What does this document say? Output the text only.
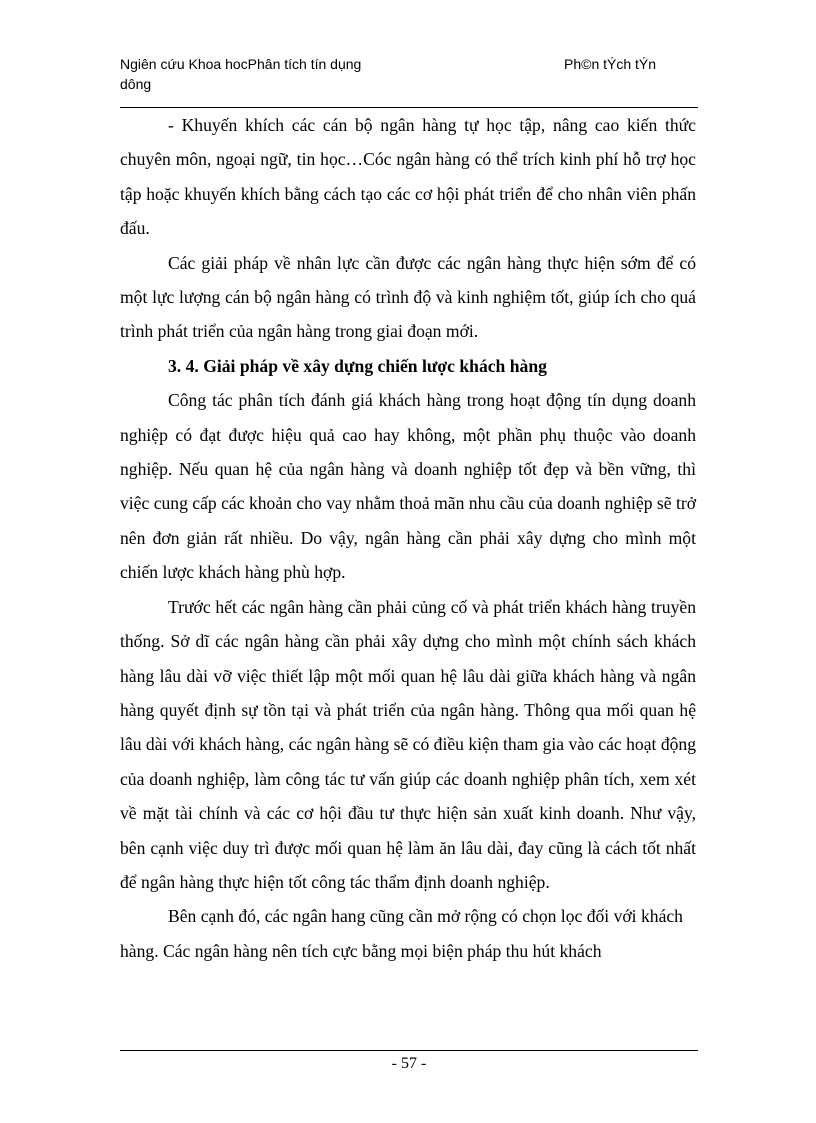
Ngiên cứu Khoa hocPhân tích tín dụng dông
Ph©n tÝch tÝn

- Khuyến khích các cán bộ ngân hàng tự học tập, nâng cao kiến thức chuyên môn, ngoại ngữ, tin học…Cóc ngân hàng có thể trích kinh phí hỗ trợ học tập hoặc khuyến khích bằng cách tạo các cơ hội phát triển để cho nhân viên phấn đấu.

Các giải pháp về nhân lực cần được các ngân hàng thực hiện sớm để có một lực lượng cán bộ ngân hàng có trình độ và kinh nghiệm tốt, giúp ích cho quá trình phát triển của ngân hàng trong giai đoạn mới.

3. 4. Giải pháp về xây dựng chiến lược khách hàng

Công tác phân tích đánh giá khách hàng trong hoạt động tín dụng doanh nghiệp có đạt được hiệu quả cao hay không, một phần phụ thuộc vào doanh nghiệp. Nếu quan hệ của ngân hàng và doanh nghiệp tốt đẹp và bền vững, thì việc cung cấp các khoản cho vay nhằm thoả mãn nhu cầu của doanh nghiệp sẽ trở nên đơn giản rất nhiều. Do vậy, ngân hàng cần phải xây dựng cho mình một chiến lược khách hàng phù hợp.

Trước hết các ngân hàng cần phải củng cố và phát triển khách hàng truyền thống. Sở dĩ các ngân hàng cần phải xây dựng cho mình một chính sách khách hàng lâu dài vỡ việc thiết lập một mối quan hệ lâu dài giữa khách hàng và ngân hàng quyết định sự tồn tại và phát triển của ngân hàng. Thông qua mối quan hệ lâu dài với khách hàng, các ngân hàng sẽ có điều kiện tham gia vào các hoạt động của doanh nghiệp, làm công tác tư vấn giúp các doanh nghiệp phân tích, xem xét về mặt tài chính và các cơ hội đầu tư thực hiện sản xuất kinh doanh. Như vậy, bên cạnh việc duy trì được mối quan hệ làm ăn lâu dài, đay cũng là cách tốt nhất để ngân hàng thực hiện tốt công tác thẩm định doanh nghiệp.

Bên cạnh đó, các ngân hang cũng cần mở rộng có chọn lọc đối với khách hàng. Các ngân hàng nên tích cực bằng mọi biện pháp thu hút khách

- 57 -
